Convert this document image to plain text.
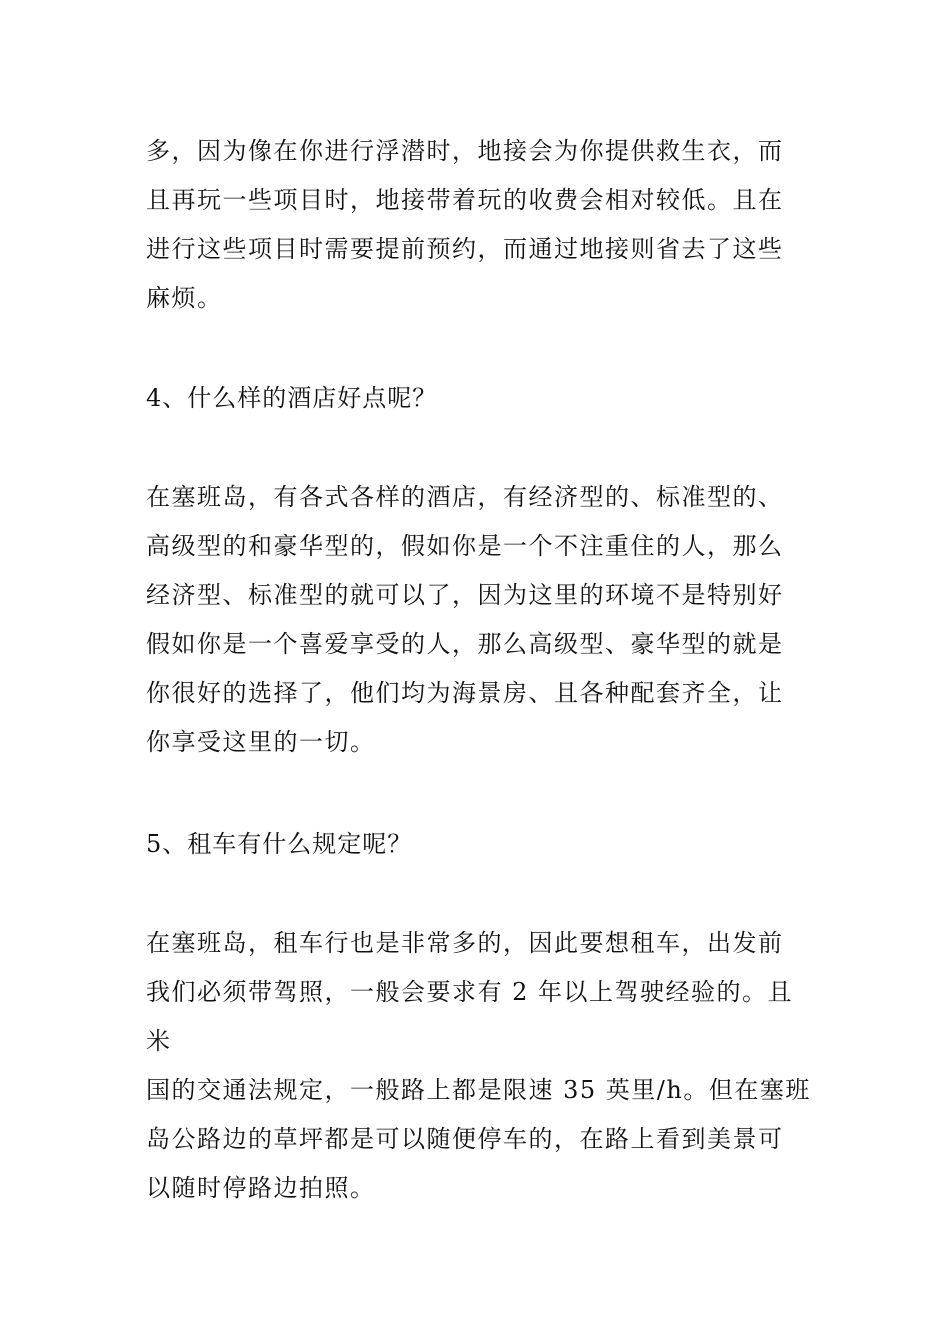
多，因为像在你进行浮潜时，地接会为你提供救生衣，而
且再玩一些项目时，地接带着玩的收费会相对较低。且在
进行这些项目时需要提前预约，而通过地接则省去了这些
麻烦。

4、什么样的酒店好点呢？

在塞班岛，有各式各样的酒店，有经济型的、标准型的、
高级型的和豪华型的，假如你是一个不注重住的人，那么
经济型、标准型的就可以了，因为这里的环境不是特别好
假如你是一个喜爱享受的人，那么高级型、豪华型的就是
你很好的选择了，他们均为海景房、且各种配套齐全，让
你享受这里的一切。

5、租车有什么规定呢？

在塞班岛，租车行也是非常多的，因此要想租车，出发前
我们必须带驾照，一般会要求有 2 年以上驾驶经验的。且米
国的交通法规定，一般路上都是限速 35 英里/h。但在塞班
岛公路边的草坪都是可以随便停车的，在路上看到美景可
以随时停路边拍照。
